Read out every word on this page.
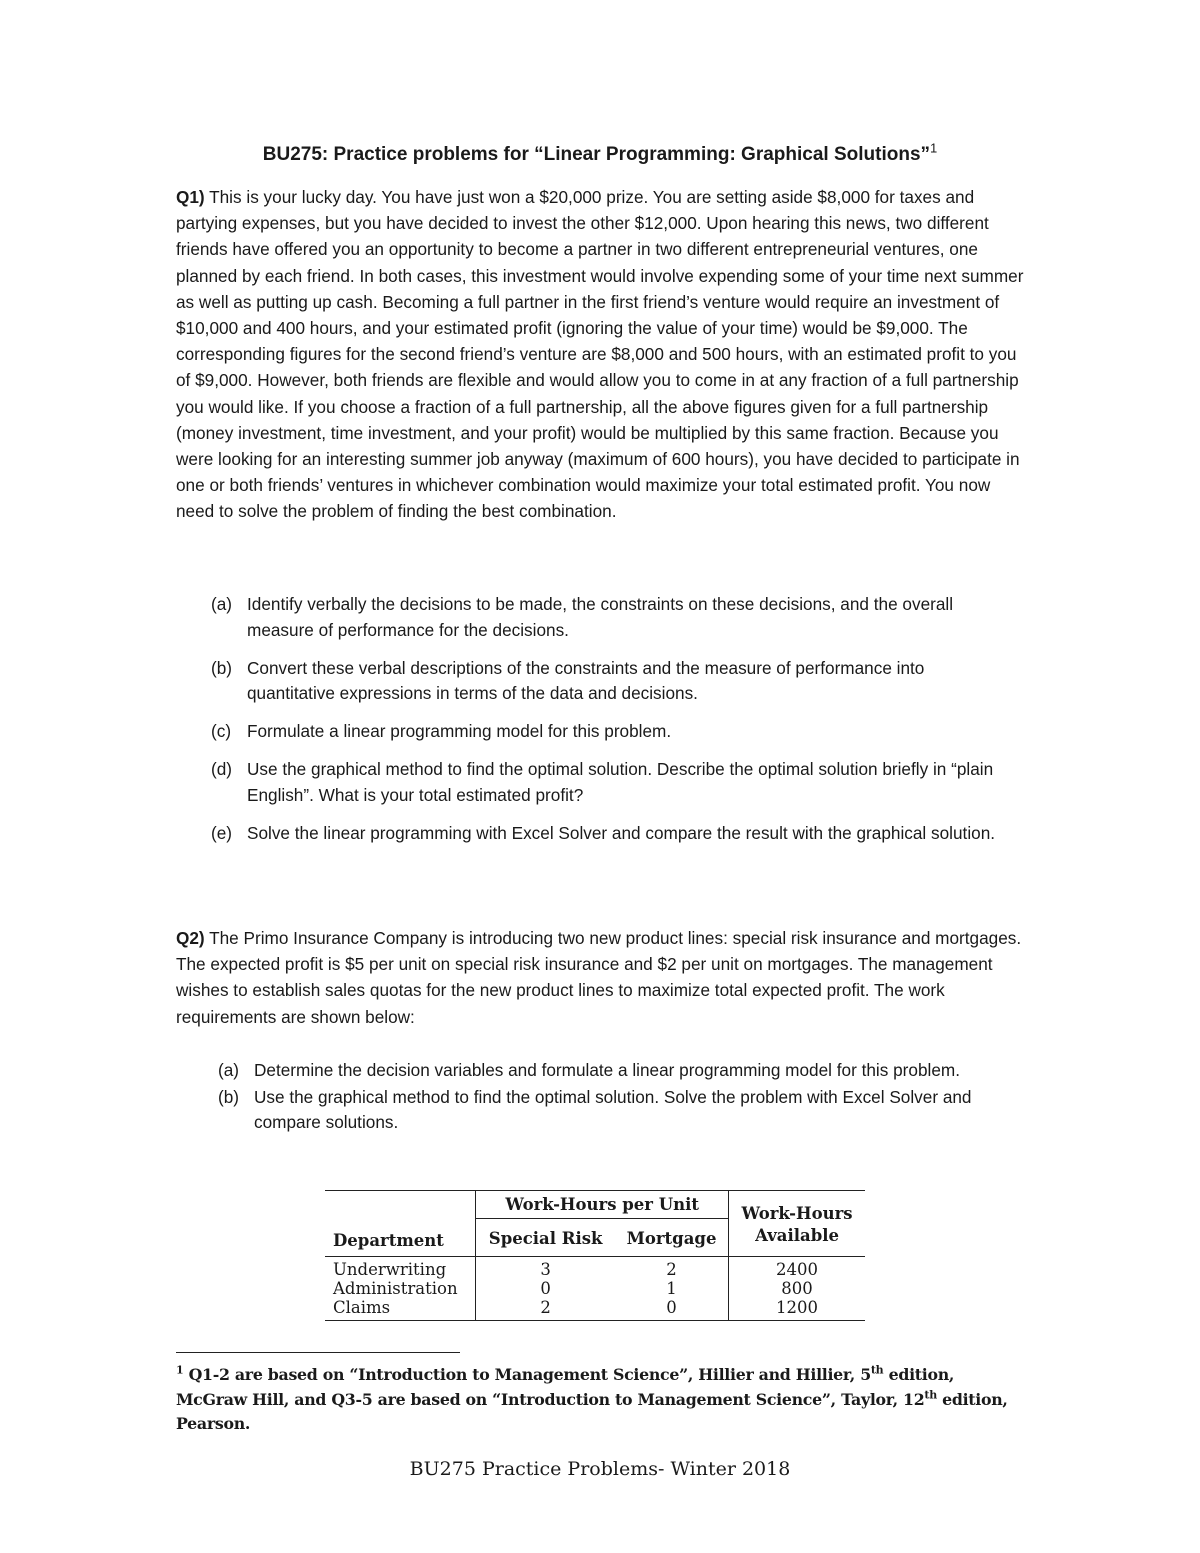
BU275: Practice problems for “Linear Programming: Graphical Solutions”$^1$

Q1) This is your lucky day. You have just won a $20,000 prize. You are setting aside $8,000 for taxes and partying expenses, but you have decided to invest the other $12,000. Upon hearing this news, two different friends have offered you an opportunity to become a partner in two different entrepreneurial ventures, one planned by each friend. In both cases, this investment would involve expending some of your time next summer as well as putting up cash. Becoming a full partner in the first friend’s venture would require an investment of $10,000 and 400 hours, and your estimated profit (ignoring the value of your time) would be $9,000. The corresponding figures for the second friend’s venture are $8,000 and 500 hours, with an estimated profit to you of $9,000. However, both friends are flexible and would allow you to come in at any fraction of a full partnership you would like. If you choose a fraction of a full partnership, all the above figures given for a full partnership (money investment, time investment, and your profit) would be multiplied by this same fraction. Because you were looking for an interesting summer job anyway (maximum of 600 hours), you have decided to participate in one or both friends’ ventures in whichever combination would maximize your total estimated profit. You now need to solve the problem of finding the best combination.

(a) Identify verbally the decisions to be made, the constraints on these decisions, and the overall measure of performance for the decisions.
(b) Convert these verbal descriptions of the constraints and the measure of performance into quantitative expressions in terms of the data and decisions.
(c) Formulate a linear programming model for this problem.
(d) Use the graphical method to find the optimal solution. Describe the optimal solution briefly in “plain English”. What is your total estimated profit?
(e) Solve the linear programming with Excel Solver and compare the result with the graphical solution.

Q2) The Primo Insurance Company is introducing two new product lines: special risk insurance and mortgages. The expected profit is $5 per unit on special risk insurance and $2 per unit on mortgages. The management wishes to establish sales quotas for the new product lines to maximize total expected profit. The work requirements are shown below:

(a) Determine the decision variables and formulate a linear programming model for this problem.
(b) Use the graphical method to find the optimal solution. Solve the problem with Excel Solver and compare solutions.
Department	Work-Hours per Unit		Work-Hours
Available
	Special Risk	Mortgage	
Underwriting	3	2	2400
Administration	0	1	800
Claims	2	0	1200
$^1$ Q1-2 are based on “Introduction to Management Science”, Hillier and Hillier, 5th edition, McGraw Hill, and Q3-5 are based on “Introduction to Management Science”, Taylor, 12th edition, Pearson.
BU275 Practice Problems- Winter 2018
